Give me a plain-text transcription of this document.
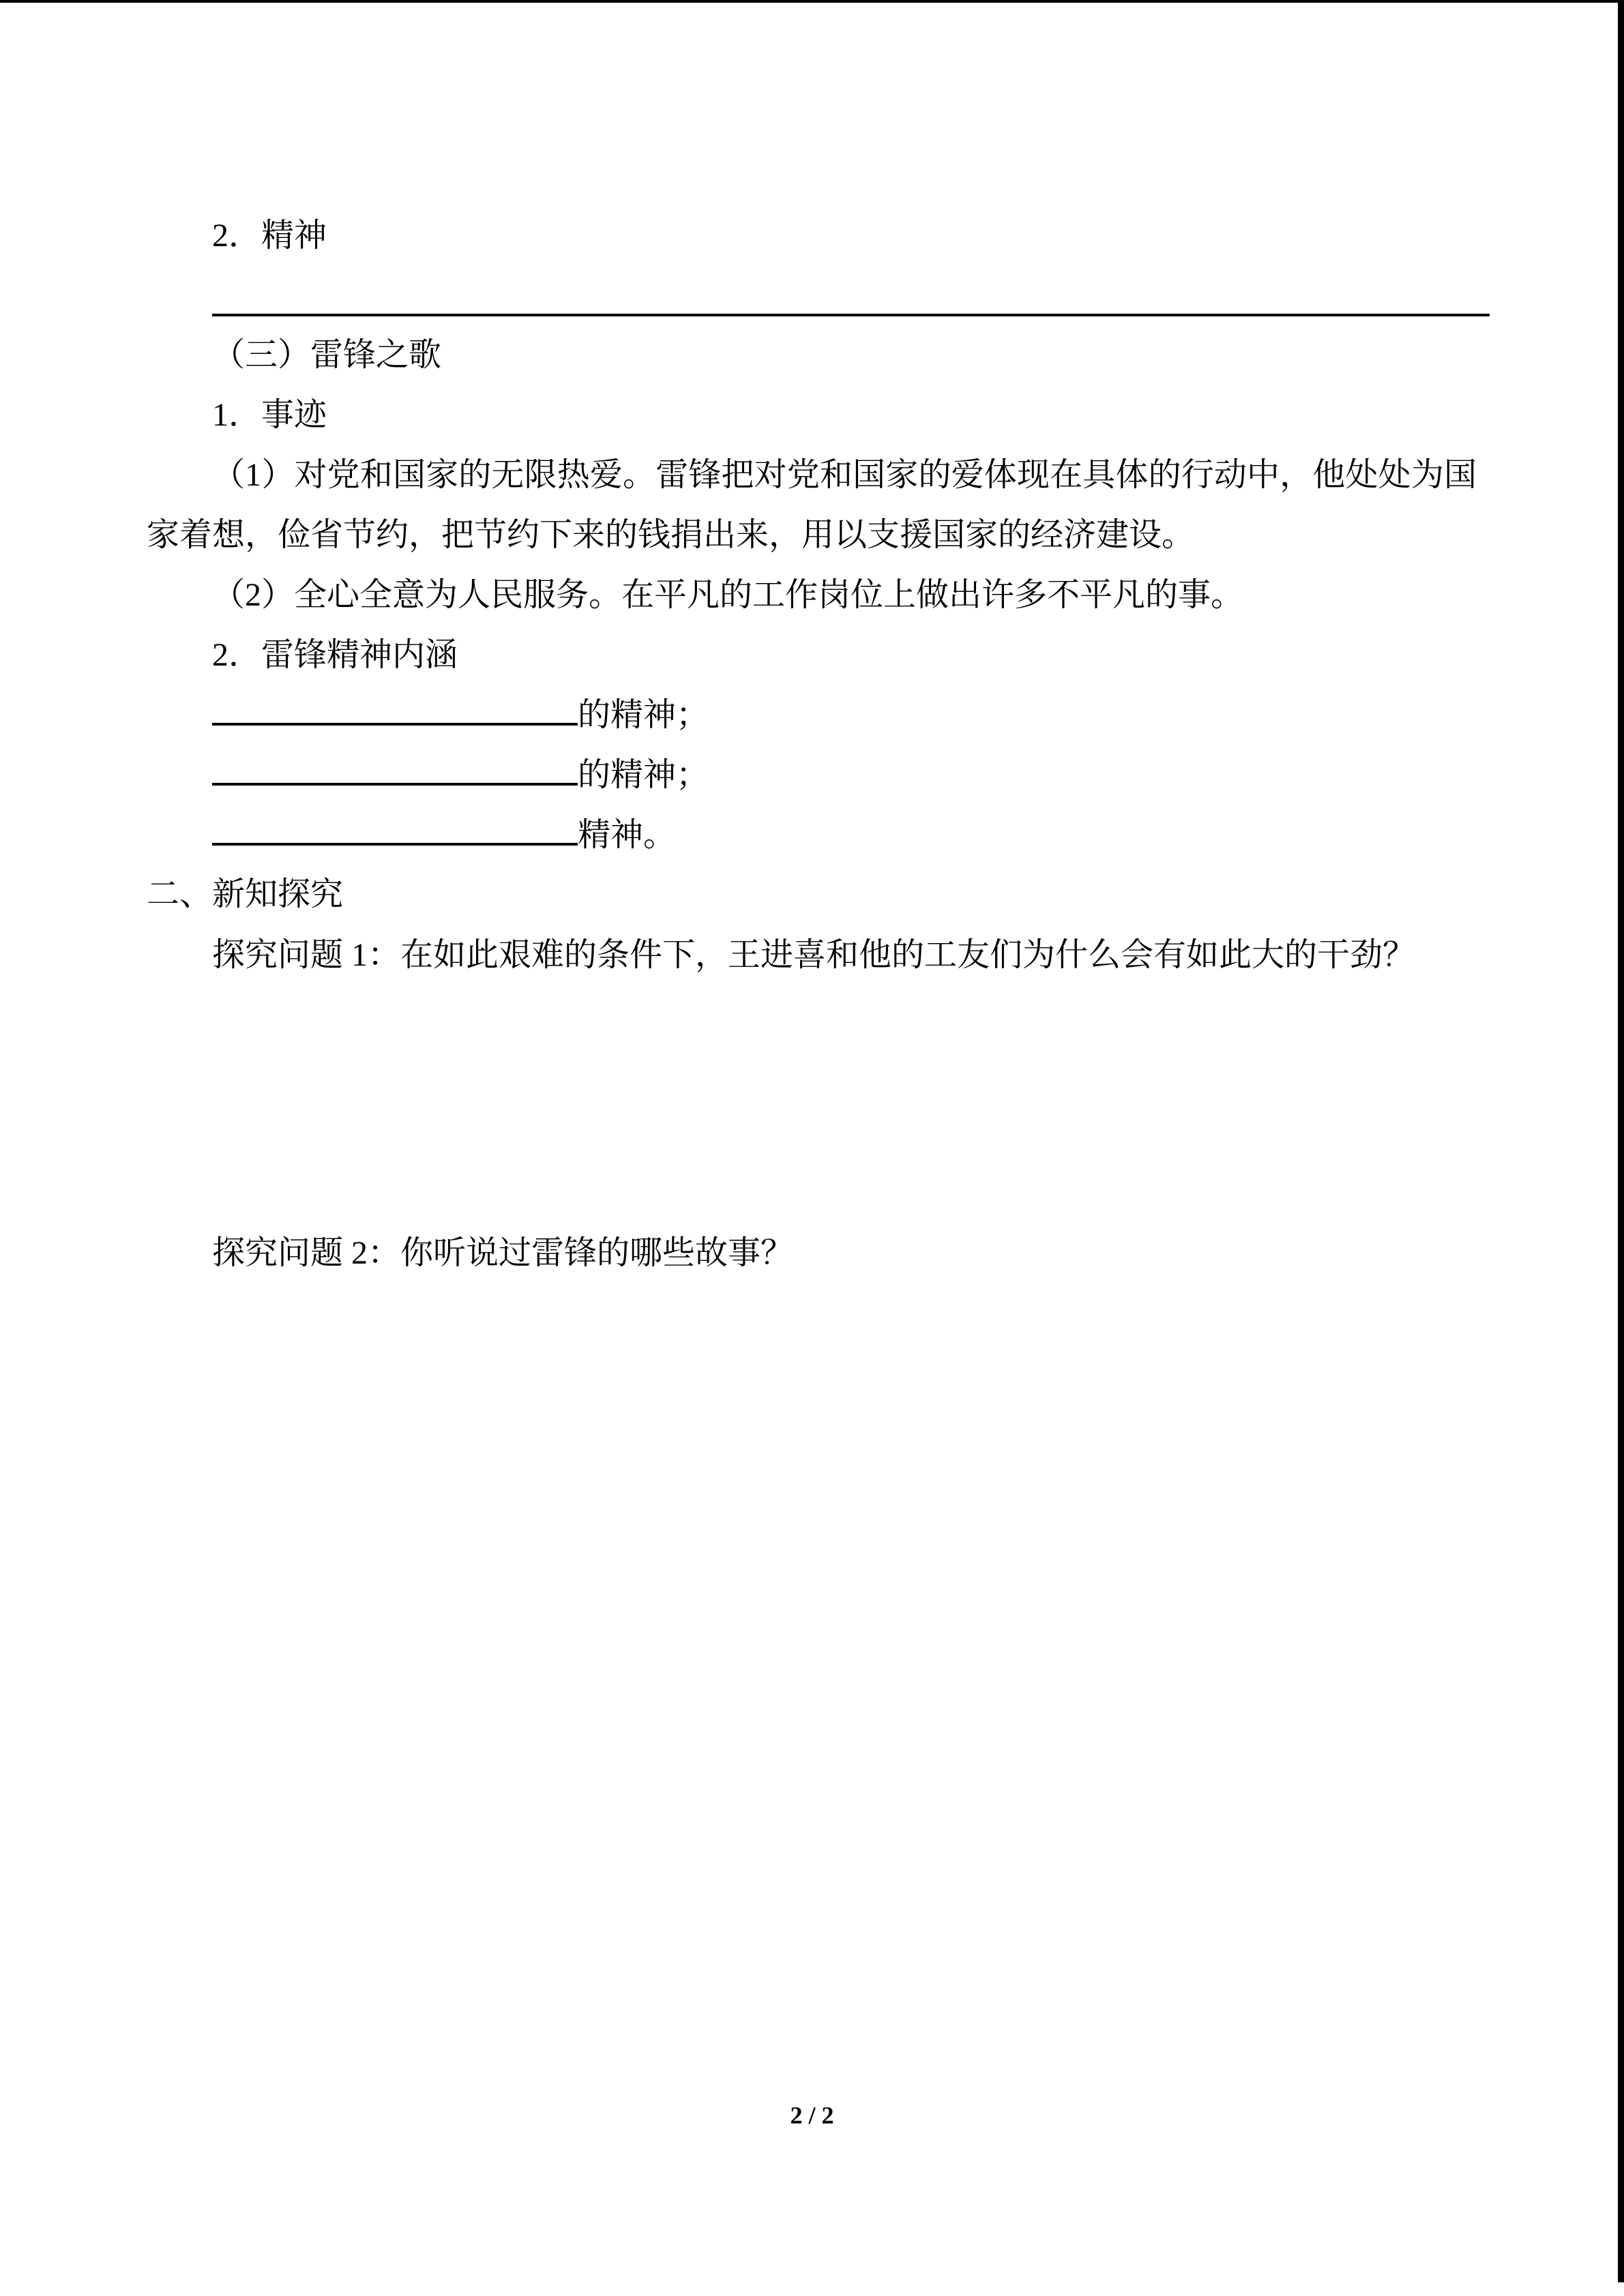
2．精神

（三）雷锋之歌

1．事迹

（1）对党和国家的无限热爱。雷锋把对党和国家的爱体现在具体的行动中，他处处为国家着想，俭省节约，把节约下来的钱捐出来，用以支援国家的经济建设。

（2）全心全意为人民服务。在平凡的工作岗位上做出许多不平凡的事。

2．雷锋精神内涵

的精神；

的精神；

精神。

二、新知探究

探究问题 1：在如此艰难的条件下，王进喜和他的工友们为什么会有如此大的干劲？

探究问题 2：你听说过雷锋的哪些故事？

2 / 2
